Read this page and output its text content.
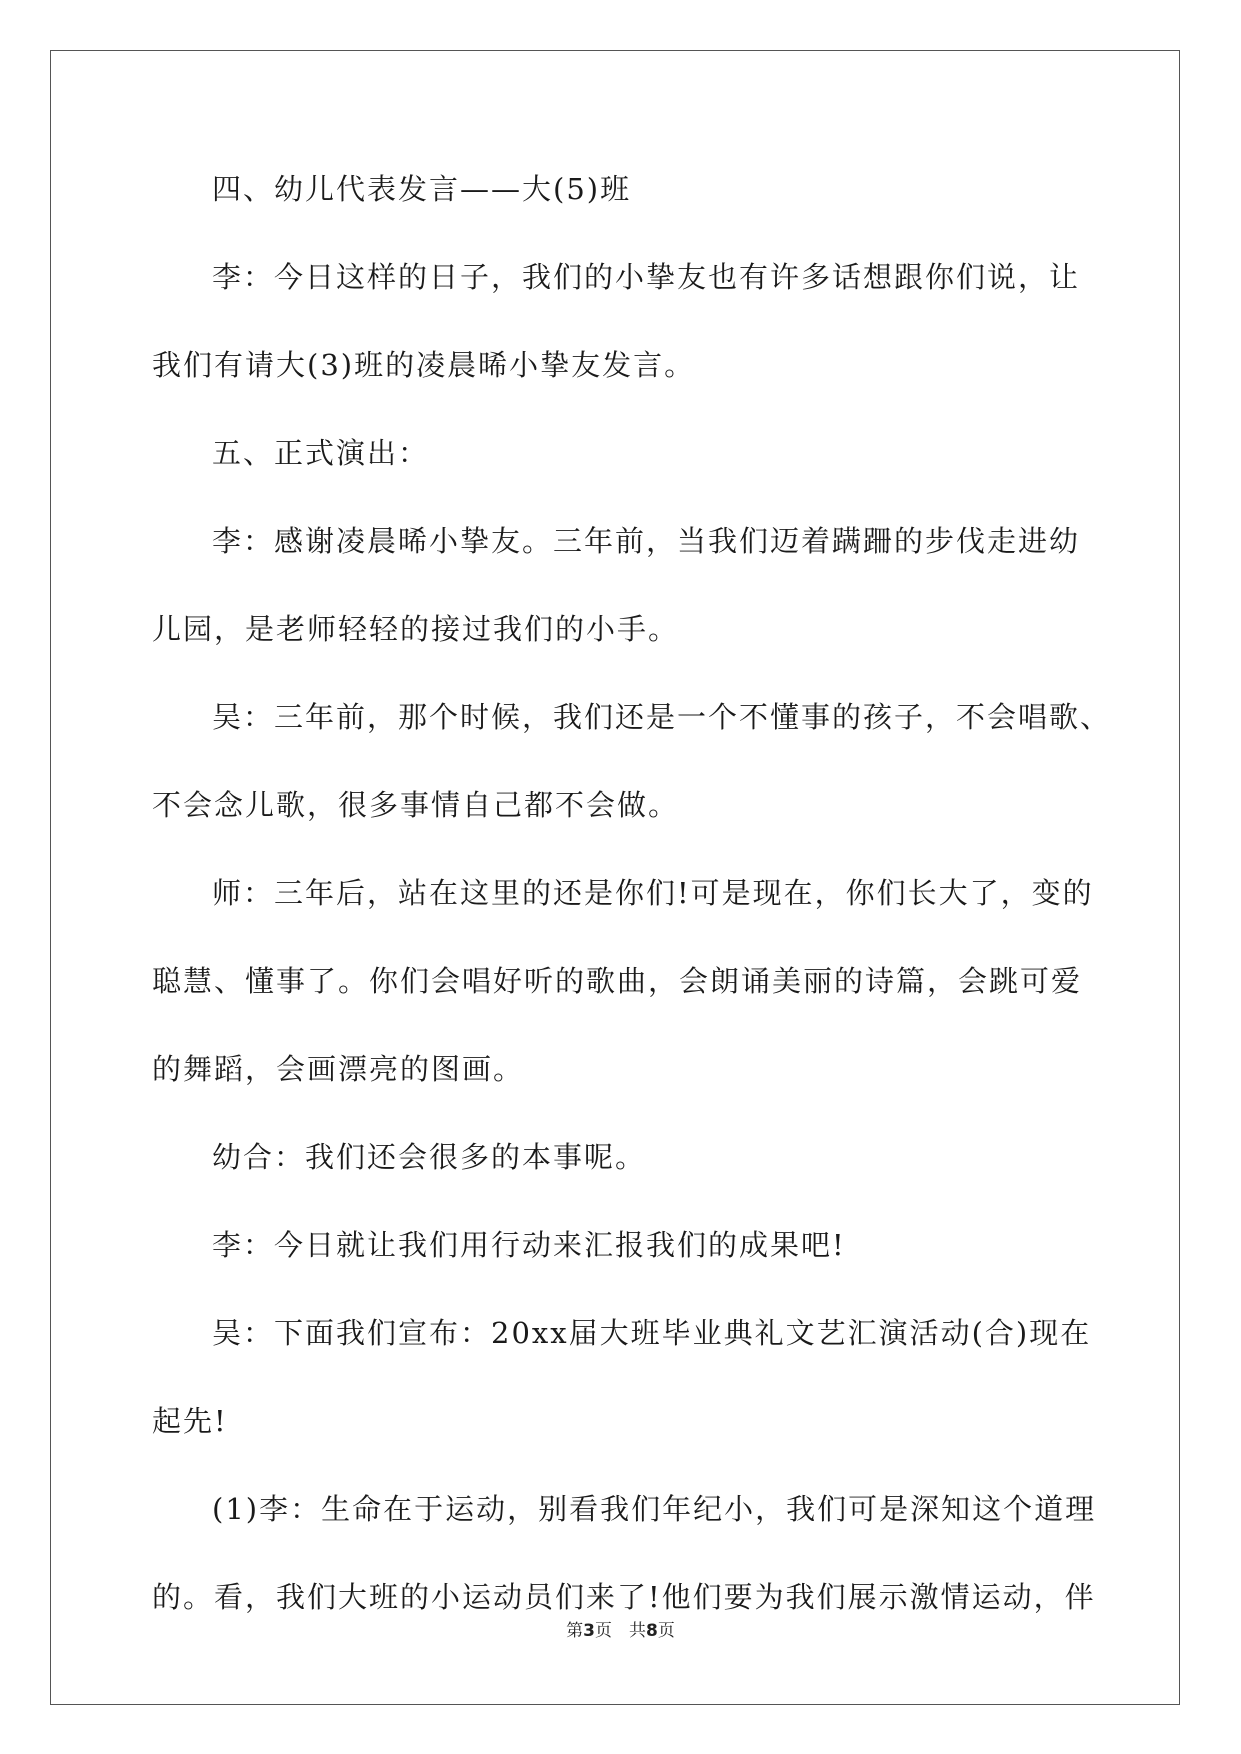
四、幼儿代表发言——大(5)班

李：今日这样的日子，我们的小挚友也有许多话想跟你们说，让

我们有请大(3)班的凌晨晞小挚友发言。

五、正式演出：

李：感谢凌晨晞小挚友。三年前，当我们迈着蹒跚的步伐走进幼

儿园，是老师轻轻的接过我们的小手。

吴：三年前，那个时候，我们还是一个不懂事的孩子，不会唱歌、

不会念儿歌，很多事情自己都不会做。

师：三年后，站在这里的还是你们!可是现在，你们长大了，变的

聪慧、懂事了。你们会唱好听的歌曲，会朗诵美丽的诗篇，会跳可爱

的舞蹈，会画漂亮的图画。

幼合：我们还会很多的本事呢。

李：今日就让我们用行动来汇报我们的成果吧!

吴：下面我们宣布：20xx届大班毕业典礼文艺汇演活动(合)现在

起先!

(1)李：生命在于运动，别看我们年纪小，我们可是深知这个道理

的。看，我们大班的小运动员们来了!他们要为我们展示激情运动，伴

第3页　共8页
